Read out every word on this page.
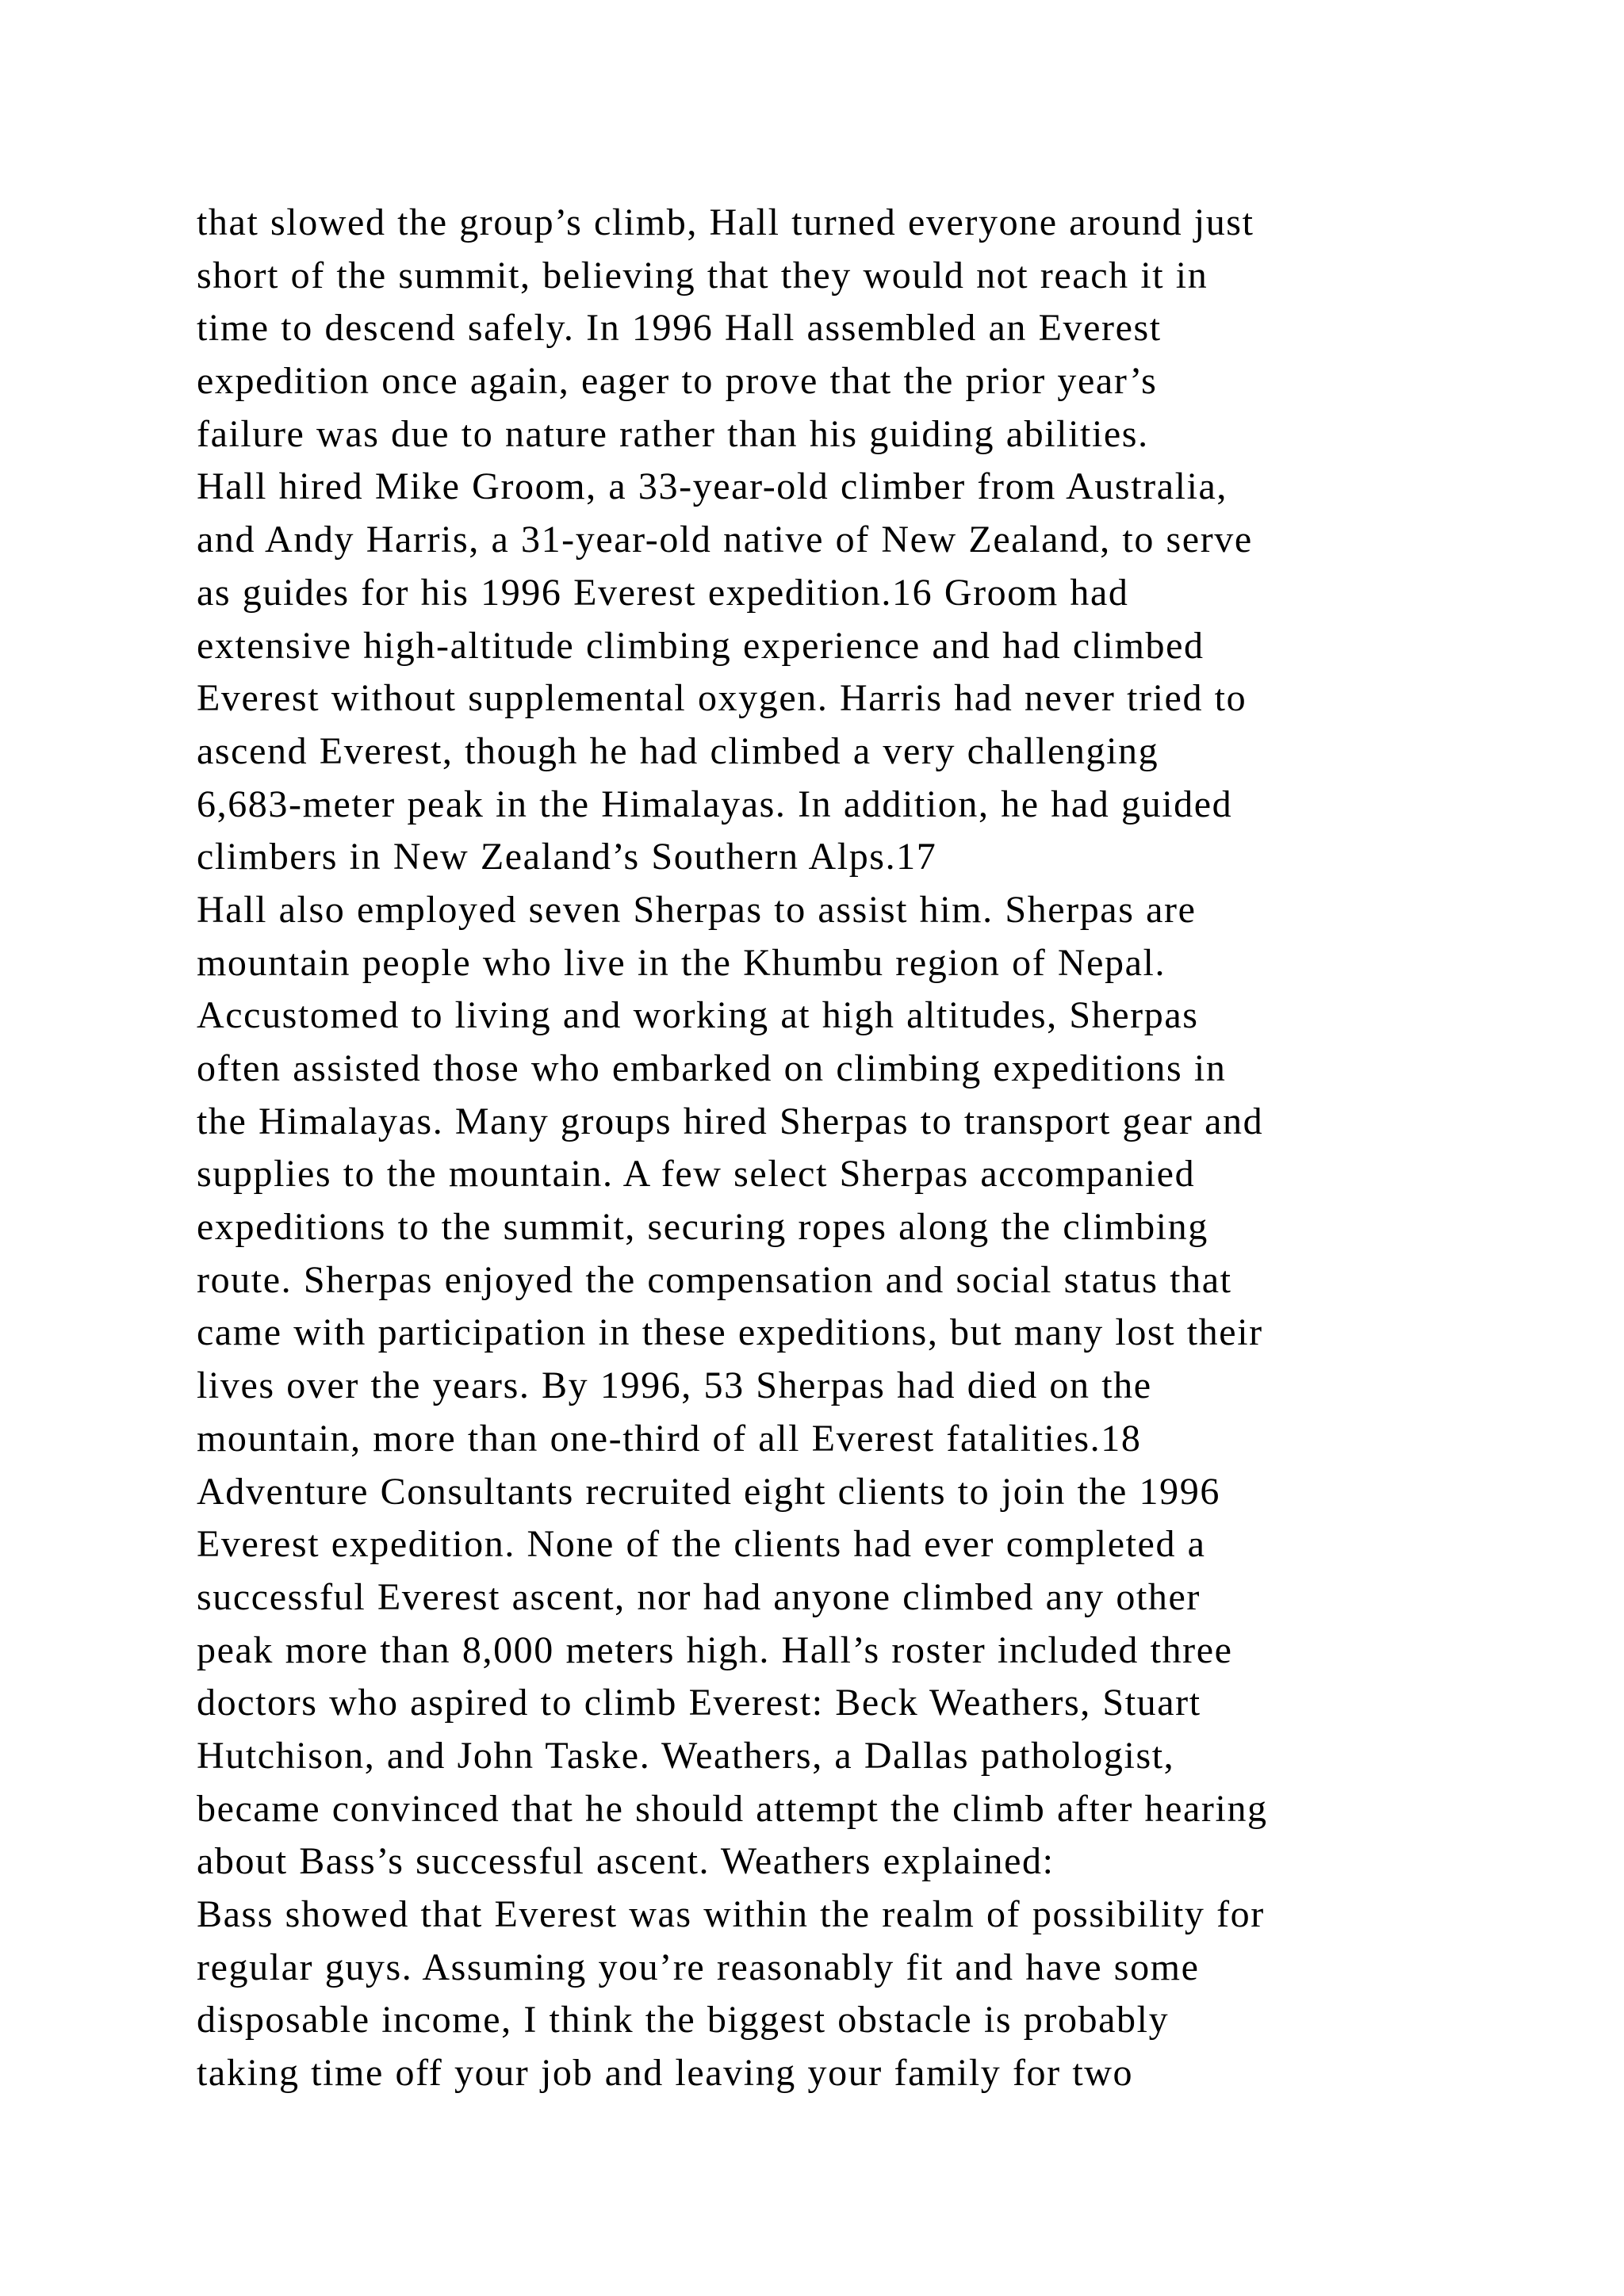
that slowed the group’s climb, Hall turned everyone around just
short of the summit, believing that they would not reach it in
time to descend safely. In 1996 Hall assembled an Everest
expedition once again, eager to prove that the prior year’s
failure was due to nature rather than his guiding abilities.
Hall hired Mike Groom, a 33-year-old climber from Australia,
and Andy Harris, a 31-year-old native of New Zealand, to serve
as guides for his 1996 Everest expedition.16 Groom had
extensive high-altitude climbing experience and had climbed
Everest without supplemental oxygen. Harris had never tried to
ascend Everest, though he had climbed a very challenging
6,683-meter peak in the Himalayas. In addition, he had guided
climbers in New Zealand’s Southern Alps.17
Hall also employed seven Sherpas to assist him. Sherpas are
mountain people who live in the Khumbu region of Nepal.
Accustomed to living and working at high altitudes, Sherpas
often assisted those who embarked on climbing expeditions in
the Himalayas. Many groups hired Sherpas to transport gear and
supplies to the mountain. A few select Sherpas accompanied
expeditions to the summit, securing ropes along the climbing
route. Sherpas enjoyed the compensation and social status that
came with participation in these expeditions, but many lost their
lives over the years. By 1996, 53 Sherpas had died on the
mountain, more than one-third of all Everest fatalities.18
Adventure Consultants recruited eight clients to join the 1996
Everest expedition. None of the clients had ever completed a
successful Everest ascent, nor had anyone climbed any other
peak more than 8,000 meters high. Hall’s roster included three
doctors who aspired to climb Everest: Beck Weathers, Stuart
Hutchison, and John Taske. Weathers, a Dallas pathologist,
became convinced that he should attempt the climb after hearing
about Bass’s successful ascent. Weathers explained:
Bass showed that Everest was within the realm of possibility for
regular guys. Assuming you’re reasonably fit and have some
disposable income, I think the biggest obstacle is probably
taking time off your job and leaving your family for two
